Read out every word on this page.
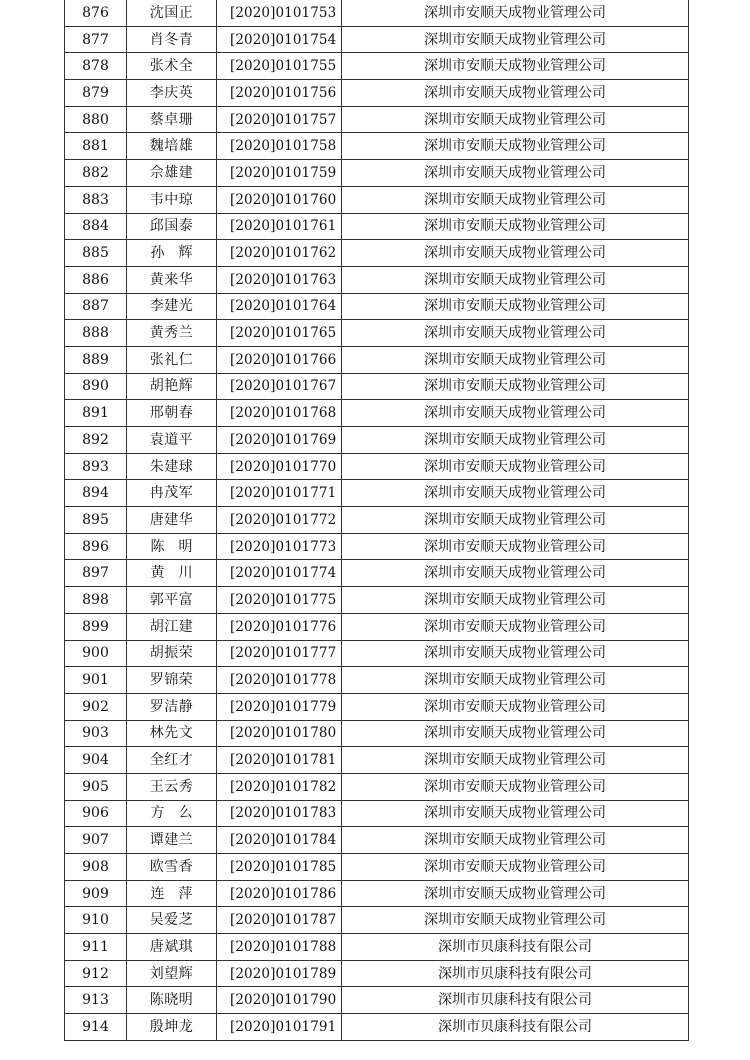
876	沈国正	[2020]0101753	深圳市安顺天成物业管理公司
877	肖冬青	[2020]0101754	深圳市安顺天成物业管理公司
878	张术全	[2020]0101755	深圳市安顺天成物业管理公司
879	李庆英	[2020]0101756	深圳市安顺天成物业管理公司
880	蔡卓珊	[2020]0101757	深圳市安顺天成物业管理公司
881	魏培雄	[2020]0101758	深圳市安顺天成物业管理公司
882	佘雄建	[2020]0101759	深圳市安顺天成物业管理公司
883	韦中琼	[2020]0101760	深圳市安顺天成物业管理公司
884	邱国泰	[2020]0101761	深圳市安顺天成物业管理公司
885	孙　辉	[2020]0101762	深圳市安顺天成物业管理公司
886	黄来华	[2020]0101763	深圳市安顺天成物业管理公司
887	李建光	[2020]0101764	深圳市安顺天成物业管理公司
888	黄秀兰	[2020]0101765	深圳市安顺天成物业管理公司
889	张礼仁	[2020]0101766	深圳市安顺天成物业管理公司
890	胡艳辉	[2020]0101767	深圳市安顺天成物业管理公司
891	邢朝春	[2020]0101768	深圳市安顺天成物业管理公司
892	袁道平	[2020]0101769	深圳市安顺天成物业管理公司
893	朱建球	[2020]0101770	深圳市安顺天成物业管理公司
894	冉茂军	[2020]0101771	深圳市安顺天成物业管理公司
895	唐建华	[2020]0101772	深圳市安顺天成物业管理公司
896	陈　明	[2020]0101773	深圳市安顺天成物业管理公司
897	黄　川	[2020]0101774	深圳市安顺天成物业管理公司
898	郭平富	[2020]0101775	深圳市安顺天成物业管理公司
899	胡江建	[2020]0101776	深圳市安顺天成物业管理公司
900	胡振荣	[2020]0101777	深圳市安顺天成物业管理公司
901	罗锦荣	[2020]0101778	深圳市安顺天成物业管理公司
902	罗洁静	[2020]0101779	深圳市安顺天成物业管理公司
903	林先文	[2020]0101780	深圳市安顺天成物业管理公司
904	全红才	[2020]0101781	深圳市安顺天成物业管理公司
905	王云秀	[2020]0101782	深圳市安顺天成物业管理公司
906	方　么	[2020]0101783	深圳市安顺天成物业管理公司
907	谭建兰	[2020]0101784	深圳市安顺天成物业管理公司
908	欧雪香	[2020]0101785	深圳市安顺天成物业管理公司
909	连　萍	[2020]0101786	深圳市安顺天成物业管理公司
910	吴爱芝	[2020]0101787	深圳市安顺天成物业管理公司
911	唐斌琪	[2020]0101788	深圳市贝康科技有限公司
912	刘望辉	[2020]0101789	深圳市贝康科技有限公司
913	陈晓明	[2020]0101790	深圳市贝康科技有限公司
914	殷坤龙	[2020]0101791	深圳市贝康科技有限公司
